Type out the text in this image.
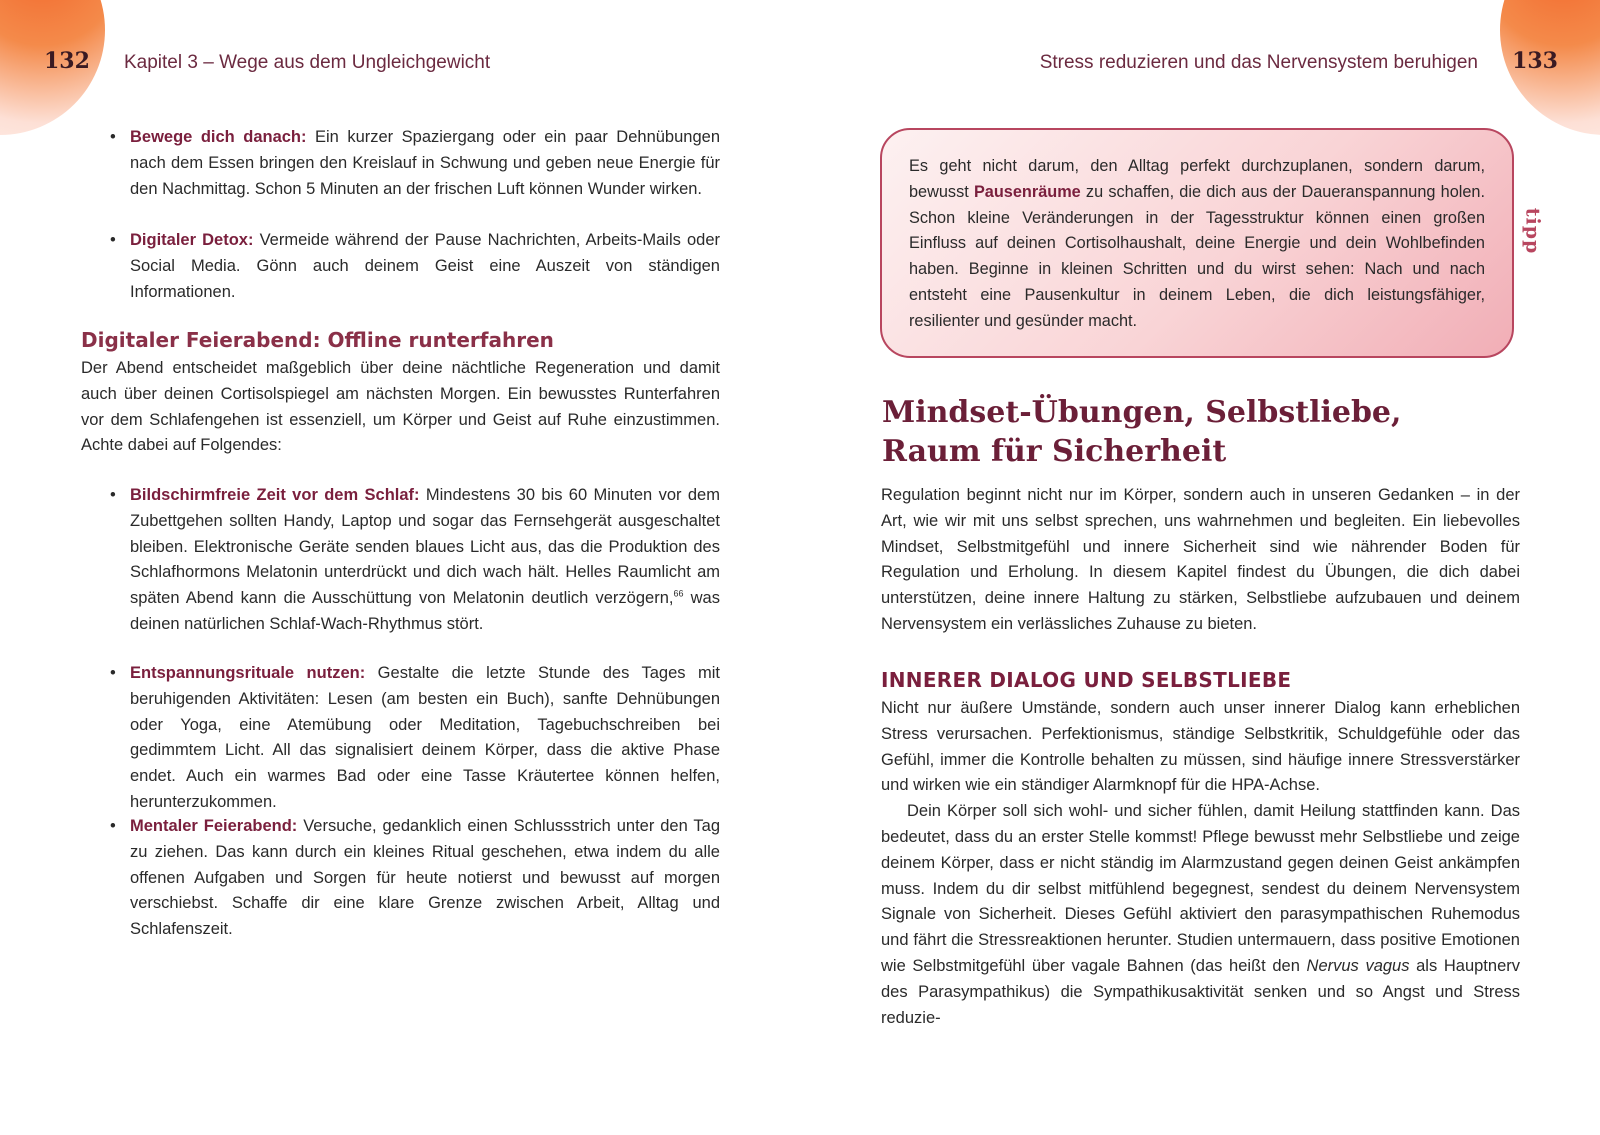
132 Kapitel 3 – Wege aus dem Ungleichgewicht
• Bewege dich danach: Ein kurzer Spaziergang oder ein paar Dehnübungen nach dem Essen bringen den Kreislauf in Schwung und geben neue Energie für den Nachmittag. Schon 5 Minuten an der frischen Luft können Wunder wirken.
• Digitaler Detox: Vermeide während der Pause Nachrichten, Arbeits-Mails oder Social Media. Gönn auch deinem Geist eine Auszeit von ständigen Informationen.
Digitaler Feierabend: Offline runterfahren
Der Abend entscheidet maßgeblich über deine nächtliche Regeneration und damit auch über deinen Cortisolspiegel am nächsten Morgen. Ein bewusstes Runterfahren vor dem Schlafengehen ist essenziell, um Körper und Geist auf Ruhe einzustimmen. Achte dabei auf Folgendes:
• Bildschirmfreie Zeit vor dem Schlaf: Mindestens 30 bis 60 Minuten vor dem Zubettgehen sollten Handy, Laptop und sogar das Fernsehgerät ausgeschaltet bleiben. Elektronische Geräte senden blaues Licht aus, das die Produktion des Schlafhormons Melatonin unterdrückt und dich wach hält. Helles Raumlicht am späten Abend kann die Ausschüttung von Melatonin deutlich verzögern,$^{66}$ was deinen natürlichen Schlaf-Wach-Rhythmus stört.
• Entspannungsrituale nutzen: Gestalte die letzte Stunde des Tages mit beruhigenden Aktivitäten: Lesen (am besten ein Buch), sanfte Dehnübungen oder Yoga, eine Atemübung oder Meditation, Tagebuchschreiben bei gedimmtem Licht. All das signalisiert deinem Körper, dass die aktive Phase endet. Auch ein warmes Bad oder eine Tasse Kräutertee können helfen, herunterzukommen.
• Mentaler Feierabend: Versuche, gedanklich einen Schlussstrich unter den Tag zu ziehen. Das kann durch ein kleines Ritual geschehen, etwa indem du alle offenen Aufgaben und Sorgen für heute notierst und bewusst auf morgen verschiebst. Schaffe dir eine klare Grenze zwischen Arbeit, Alltag und Schlafenszeit.
Stress reduzieren und das Nervensystem beruhigen 133
Es geht nicht darum, den Alltag perfekt durchzuplanen, sondern darum, bewusst Pausenräume zu schaffen, die dich aus der Daueranspannung holen. Schon kleine Veränderungen in der Tagesstruktur können einen großen Einfluss auf deinen Cortisolhaushalt, deine Energie und dein Wohlbefinden haben. Beginne in kleinen Schritten und du wirst sehen: Nach und nach entsteht eine Pausenkultur in deinem Leben, die dich leistungsfähiger, resilienter und gesünder macht.
tipp
Mindset-Übungen, Selbstliebe,
Raum für Sicherheit
Regulation beginnt nicht nur im Körper, sondern auch in unseren Gedanken – in der Art, wie wir mit uns selbst sprechen, uns wahrnehmen und begleiten. Ein liebevolles Mindset, Selbstmitgefühl und innere Sicherheit sind wie nährender Boden für Regulation und Erholung. In diesem Kapitel findest du Übungen, die dich dabei unterstützen, deine innere Haltung zu stärken, Selbstliebe aufzubauen und deinem Nervensystem ein verlässliches Zuhause zu bieten.
INNERER DIALOG UND SELBSTLIEBE
Nicht nur äußere Umstände, sondern auch unser innerer Dialog kann erheblichen Stress verursachen. Perfektionismus, ständige Selbstkritik, Schuldgefühle oder das Gefühl, immer die Kontrolle behalten zu müssen, sind häufige innere Stressverstärker und wirken wie ein ständiger Alarmknopf für die HPA-Achse.
Dein Körper soll sich wohl- und sicher fühlen, damit Heilung stattfinden kann. Das bedeutet, dass du an erster Stelle kommst! Pflege bewusst mehr Selbstliebe und zeige deinem Körper, dass er nicht ständig im Alarmzustand gegen deinen Geist ankämpfen muss. Indem du dir selbst mitfühlend begegnest, sendest du deinem Nervensystem Signale von Sicherheit. Dieses Gefühl aktiviert den parasympathischen Ruhemodus und fährt die Stressreaktionen herunter. Studien untermauern, dass positive Emotionen wie Selbstmitgefühl über vagale Bahnen (das heißt den Nervus vagus als Hauptnerv des Parasympathikus) die Sympathikusaktivität senken und so Angst und Stress reduzie-
